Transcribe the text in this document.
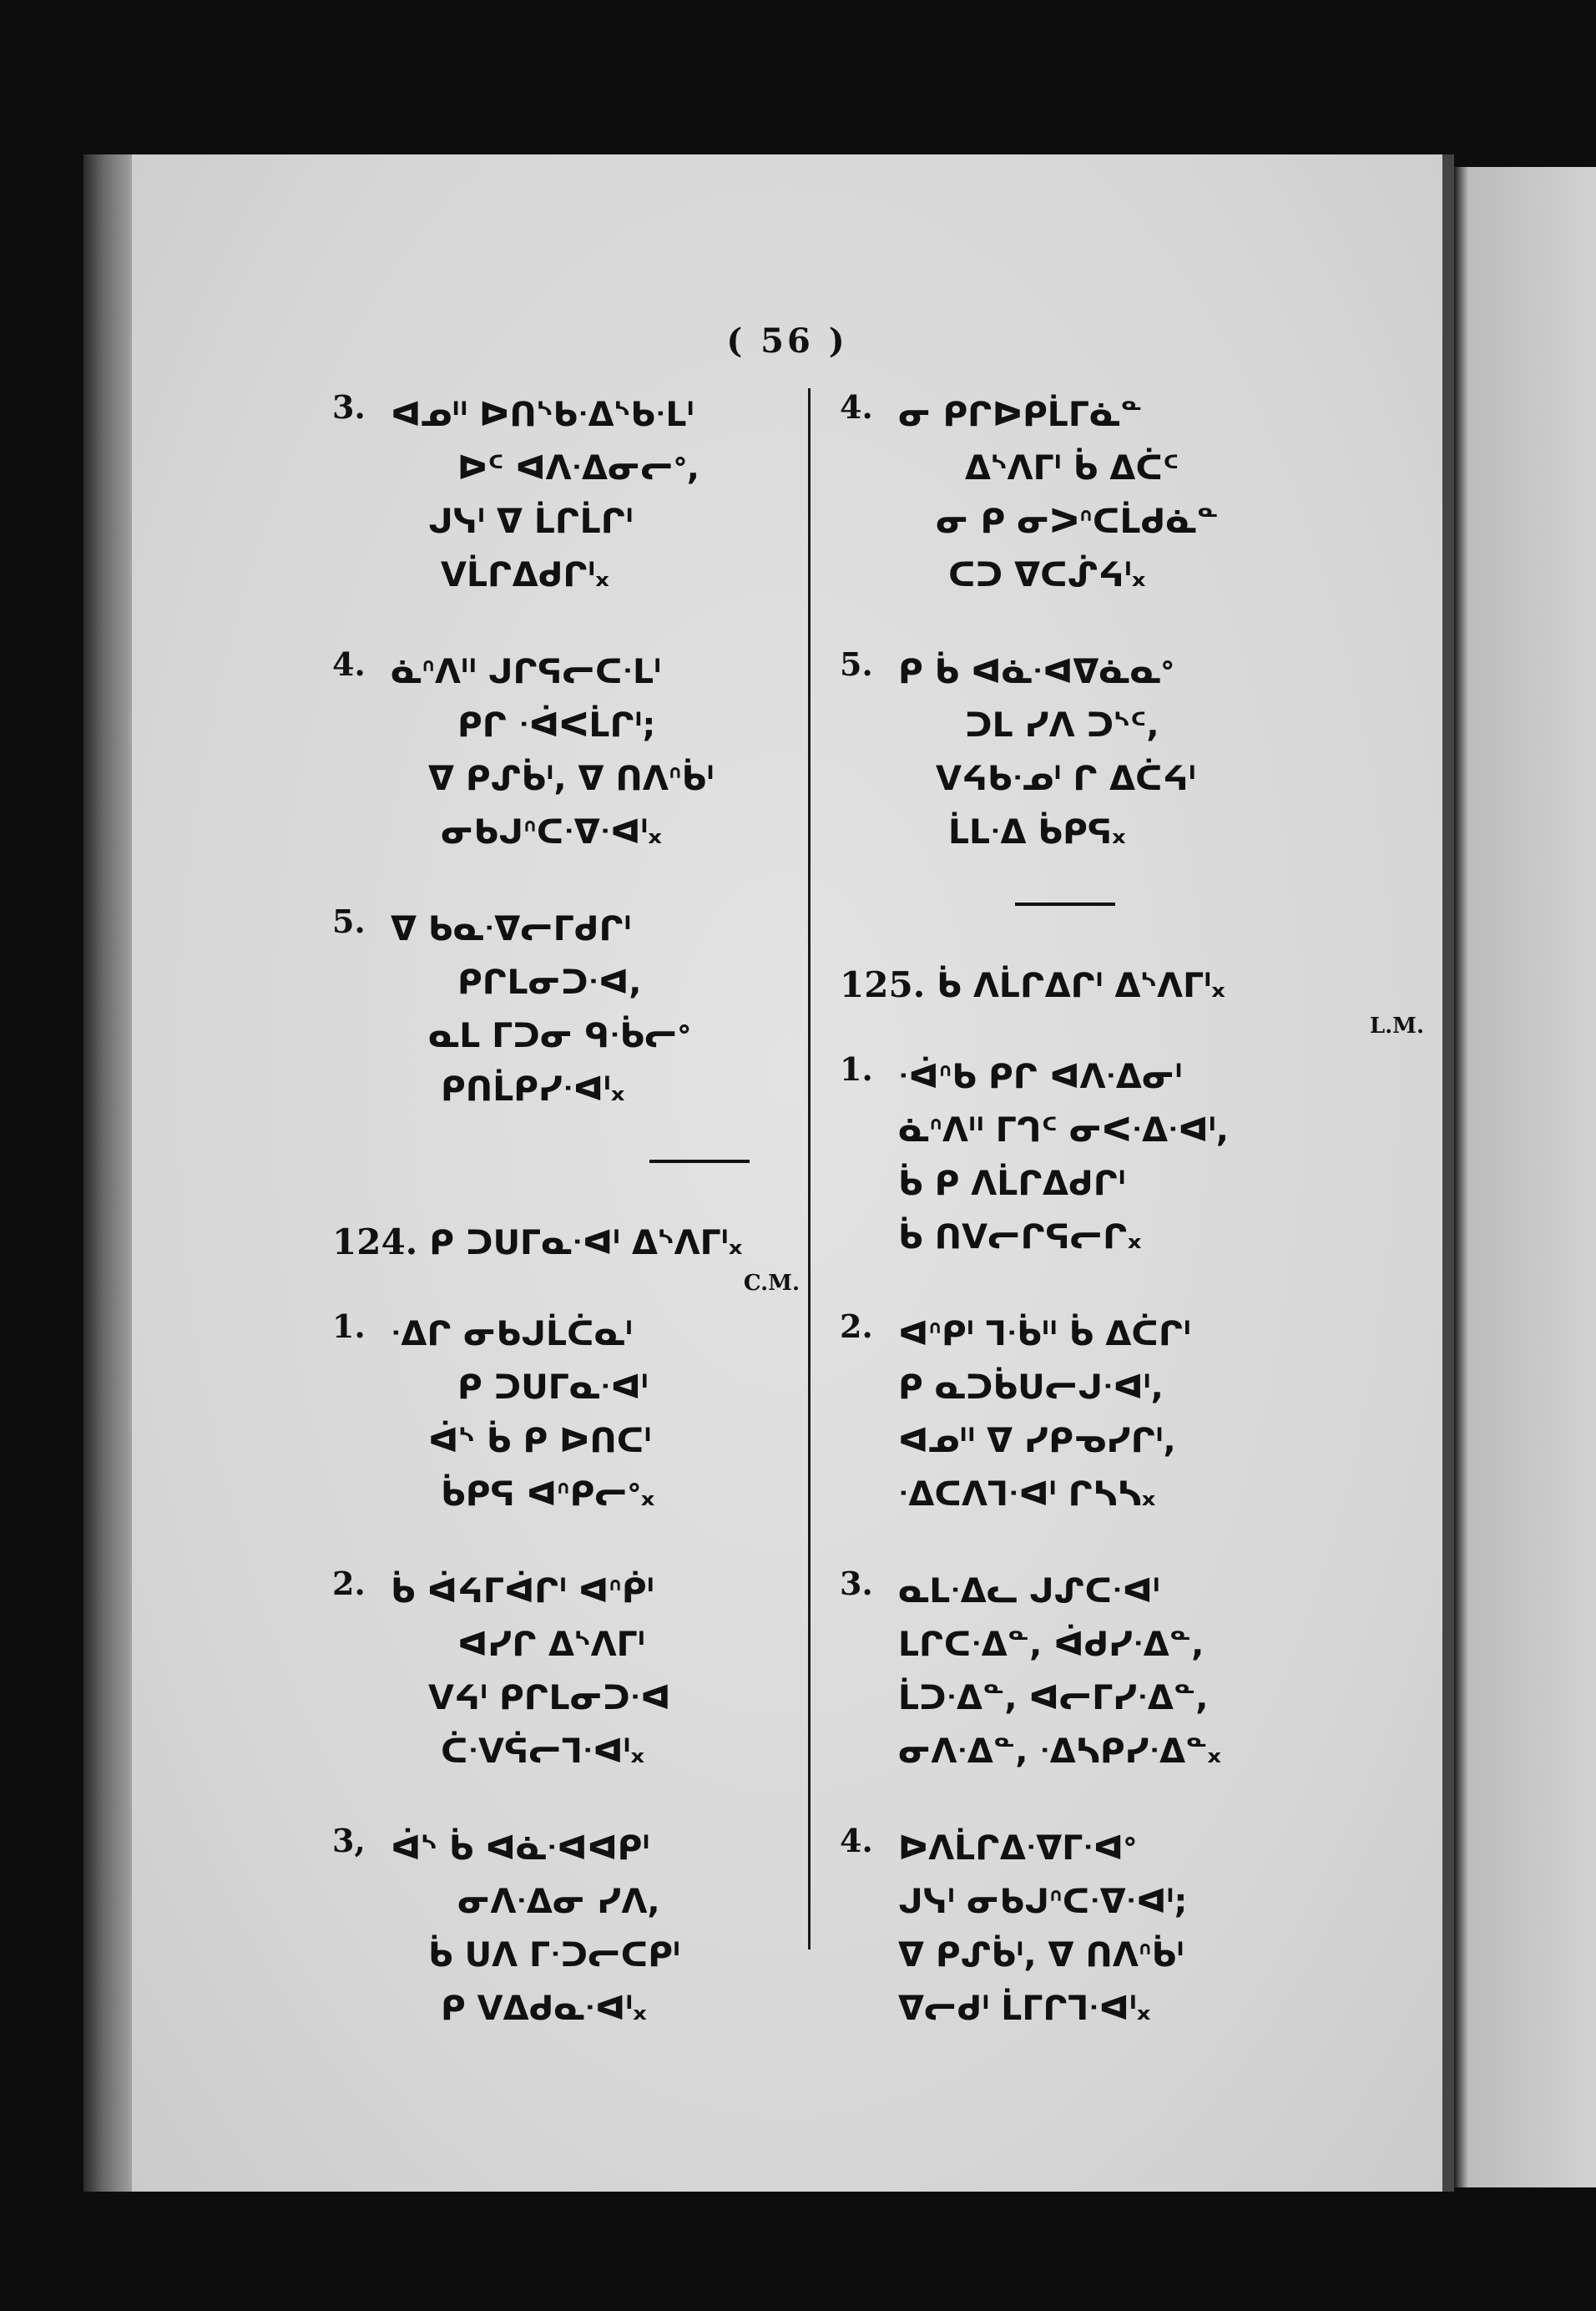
( 56 )
3. ᐊᓄᐦ ᐅᑎᔅᑲᐧᐃᔅᑲᐧᒪᑊ
ᐅᑦ ᐊᐱᐧᐃᓂᓕᐤ,
ᒍᓭᑊ ᐁ ᒫᒋᒫᒋᑊ
ᐯᒫᒋᐃᑯᒋᑊₓ
4. ᓈᐢᐱᐦ ᒍᒋᕋᓕᑕᐧᒪᑊ
ᑭᒋ ᐧᐋᐸᒫᒋᑊ;
ᐁ ᑭᔑᑳᑊ, ᐁ ᑎᐱᐢᑳᑊ
ᓂᑲᒍᐢᑕᐧᐁᐧᐊᑊₓ
5. ᐁ ᑲᓇᐧᐁᓕᒥᑯᒋᑊ
ᑭᒋᒪᓂᑐᐧᐊ,
ᓇᒪ ᒥᑐᓂ ᑫᐧᑳᓕᐤ
ᑭᑎᒫᑭᓯᐧᐊᑊₓ
124. ᑭ ᑐᑌᒥᓇᐧᐊᑊ ᐃᔅᐱᒥᑊₓ
C.M.
1. ᐧᐃᒋ ᓂᑲᒍᒫᑖᓇᑊ
ᑭ ᑐᑌᒥᓇᐧᐊᑊ
ᐋᔅ ᑳ ᑭ ᐅᑎᑕᑊ
ᑳᑭᕋ ᐊᐢᑭᓕᐤₓ
2. ᑳ ᐋᔦᒥᐋᒋᑊ ᐊᐢᑮᑊ
ᐊᓯᒋ ᐃᔅᐱᒥᑊ
ᐯᔦᑊ ᑭᒋᒪᓂᑐᐧᐊ
ᑖᐧᐯᕌᓕᒣᐧᐊᑊₓ
3, ᐋᔅ ᑳ ᐊᓈᐧᐊᐊᑭᑊ
ᓂᐱᐧᐃᓂ ᓯᐱ,
ᑳ ᑌᐱ ᒥᐧᑐᓕᑕᑭᑊ
ᑭ ᐯᐃᑯᓇᐧᐊᑊₓ
4. ᓂ ᑭᒋᐅᑭᒫᒥᓈᓐ
ᐃᔅᐱᒥᑊ ᑳ ᐃᑖᑦ
ᓂ ᑭ ᓂᐳᐢᑕᒫᑯᓈᓐ
ᑕᑐ ᐁᑕᔒᔦᑊₓ
5. ᑭ ᑳ ᐊᓈᐧᐊᐁᓈᓇᐤ
ᑐᒪ ᓯᐱ ᑐᔅᑦ,
ᐯᔦᑲᐧᓄᑊ ᒋ ᐃᑖᔦᑊ
ᒫᒪᐧᐃ ᑳᑭᕋₓ
125. ᑳ ᐱᒫᒋᐃᒋᑊ ᐃᔅᐱᒥᑊₓ
L.M.
1. ᐧᐋᐢᑲ ᑭᒋ ᐊᐱᐧᐃᓂᑊ
ᓈᐢᐱᐦ ᒥᒉᑦ ᓂᐸᐧᐃᐧᐊᑊ,
ᑳ ᑭ ᐱᒫᒋᐃᑯᒋᑊ
ᑳ ᑎᐯᓕᒋᕋᓕᒋₓ
2. ᐊᐢᑭᑊ ᒣᐧᑳᐦ ᑳ ᐃᑖᒋᑊ
ᑭ ᓇᑐᑳᑌᓕᒍᐧᐊᑊ,
ᐊᓄᐦ ᐁ ᓯᑭᓀᓯᒋᑊ,
ᐧᐃᑕᐱᒣᐧᐊᑊ ᒋᓴᓴₓ
3. ᓇᒪᐧᐃᓚ ᒍᔑᑕᐧᐊᑊ
ᒪᒋᑕᐧᐃᓐ, ᐋᑯᓯᐧᐃᓐ,
ᒫᑐᐧᐃᓐ, ᐊᓕᒥᓯᐧᐃᓐ,
ᓂᐱᐧᐃᓐ, ᐧᐃᓴᑭᓯᐧᐃᓐₓ
4. ᐅᐱᒫᒋᐃᐧᐁᒥᐧᐊᐤ
ᒍᓭᑊ ᓂᑲᒍᐢᑕᐧᐁᐧᐊᑊ;
ᐁ ᑭᔑᑳᑊ, ᐁ ᑎᐱᐢᑳᑊ
ᐁᓕᑯᑊ ᒫᒥᒋᒣᐧᐊᑊₓ
